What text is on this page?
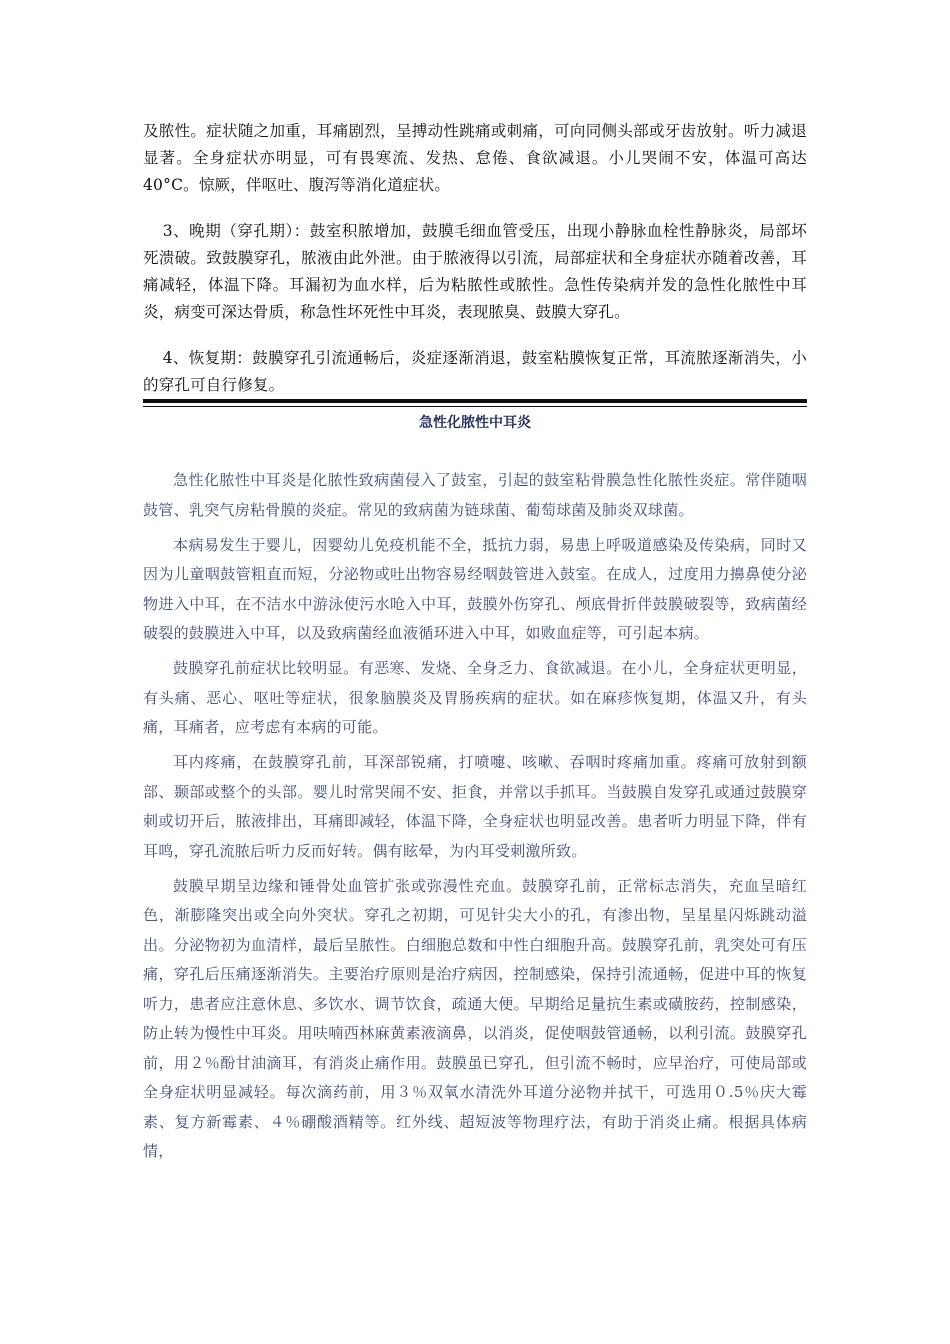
及脓性。症状随之加重，耳痛剧烈，呈搏动性跳痛或刺痛，可向同侧头部或牙齿放射。听力减退显著。全身症状亦明显，可有畏寒流、发热、怠倦、食欲减退。小儿哭闹不安，体温可高达40°C。惊厥，伴呕吐、腹泻等消化道症状。

3、晚期（穿孔期）：鼓室积脓增加，鼓膜毛细血管受压，出现小静脉血栓性静脉炎，局部坏死溃破。致鼓膜穿孔，脓液由此外泄。由于脓液得以引流，局部症状和全身症状亦随着改善，耳痛减轻，体温下降。耳漏初为血水样，后为粘脓性或脓性。急性传染病并发的急性化脓性中耳炎，病变可深达骨质，称急性坏死性中耳炎，表现脓臭、鼓膜大穿孔。

4、恢复期：鼓膜穿孔引流通畅后，炎症逐渐消退，鼓室粘膜恢复正常，耳流脓逐渐消失，小的穿孔可自行修复。

急性化脓性中耳炎

急性化脓性中耳炎是化脓性致病菌侵入了鼓室，引起的鼓室粘骨膜急性化脓性炎症。常伴随咽鼓管、乳突气房粘骨膜的炎症。常见的致病菌为链球菌、葡萄球菌及肺炎双球菌。

本病易发生于婴儿，因婴幼儿免疫机能不全，抵抗力弱，易患上呼吸道感染及传染病，同时又因为儿童咽鼓管粗直而短，分泌物或吐出物容易经咽鼓管进入鼓室。在成人，过度用力擤鼻使分泌物进入中耳，在不洁水中游泳使污水呛入中耳，鼓膜外伤穿孔、颅底骨折伴鼓膜破裂等，致病菌经破裂的鼓膜进入中耳，以及致病菌经血液循环进入中耳，如败血症等，可引起本病。

鼓膜穿孔前症状比较明显。有恶寒、发烧、全身乏力、食欲减退。在小儿，全身症状更明显，有头痛、恶心、呕吐等症状，很象脑膜炎及胃肠疾病的症状。如在麻疹恢复期，体温又升，有头痛，耳痛者，应考虑有本病的可能。

耳内疼痛，在鼓膜穿孔前，耳深部锐痛，打喷嚏、咳嗽、吞咽时疼痛加重。疼痛可放射到额部、颞部或整个的头部。婴儿时常哭闹不安、拒食，并常以手抓耳。当鼓膜自发穿孔或通过鼓膜穿刺或切开后，脓液排出，耳痛即减轻，体温下降，全身症状也明显改善。患者听力明显下降，伴有耳鸣，穿孔流脓后听力反而好转。偶有眩晕，为内耳受刺激所致。

鼓膜早期呈边缘和锤骨处血管扩张或弥漫性充血。鼓膜穿孔前，正常标志消失，充血呈暗红色，渐膨隆突出或全向外突状。穿孔之初期，可见针尖大小的孔，有渗出物，呈星星闪烁跳动溢出。分泌物初为血清样，最后呈脓性。白细胞总数和中性白细胞升高。鼓膜穿孔前，乳突处可有压痛，穿孔后压痛逐渐消失。主要治疗原则是治疗病因，控制感染，保持引流通畅，促进中耳的恢复听力，患者应注意休息、多饮水、调节饮食，疏通大便。早期给足量抗生素或磺胺药，控制感染，防止转为慢性中耳炎。用呋喃西林麻黄素液滴鼻，以消炎，促使咽鼓管通畅，以利引流。鼓膜穿孔前，用２％酚甘油滴耳，有消炎止痛作用。鼓膜虽已穿孔，但引流不畅时，应早治疗，可使局部或全身症状明显减轻。每次滴药前，用３％双氧水清洗外耳道分泌物并拭干，可选用０.5％庆大霉素、复方新霉素、４％硼酸酒精等。红外线、超短波等物理疗法，有助于消炎止痛。根据具体病情，
